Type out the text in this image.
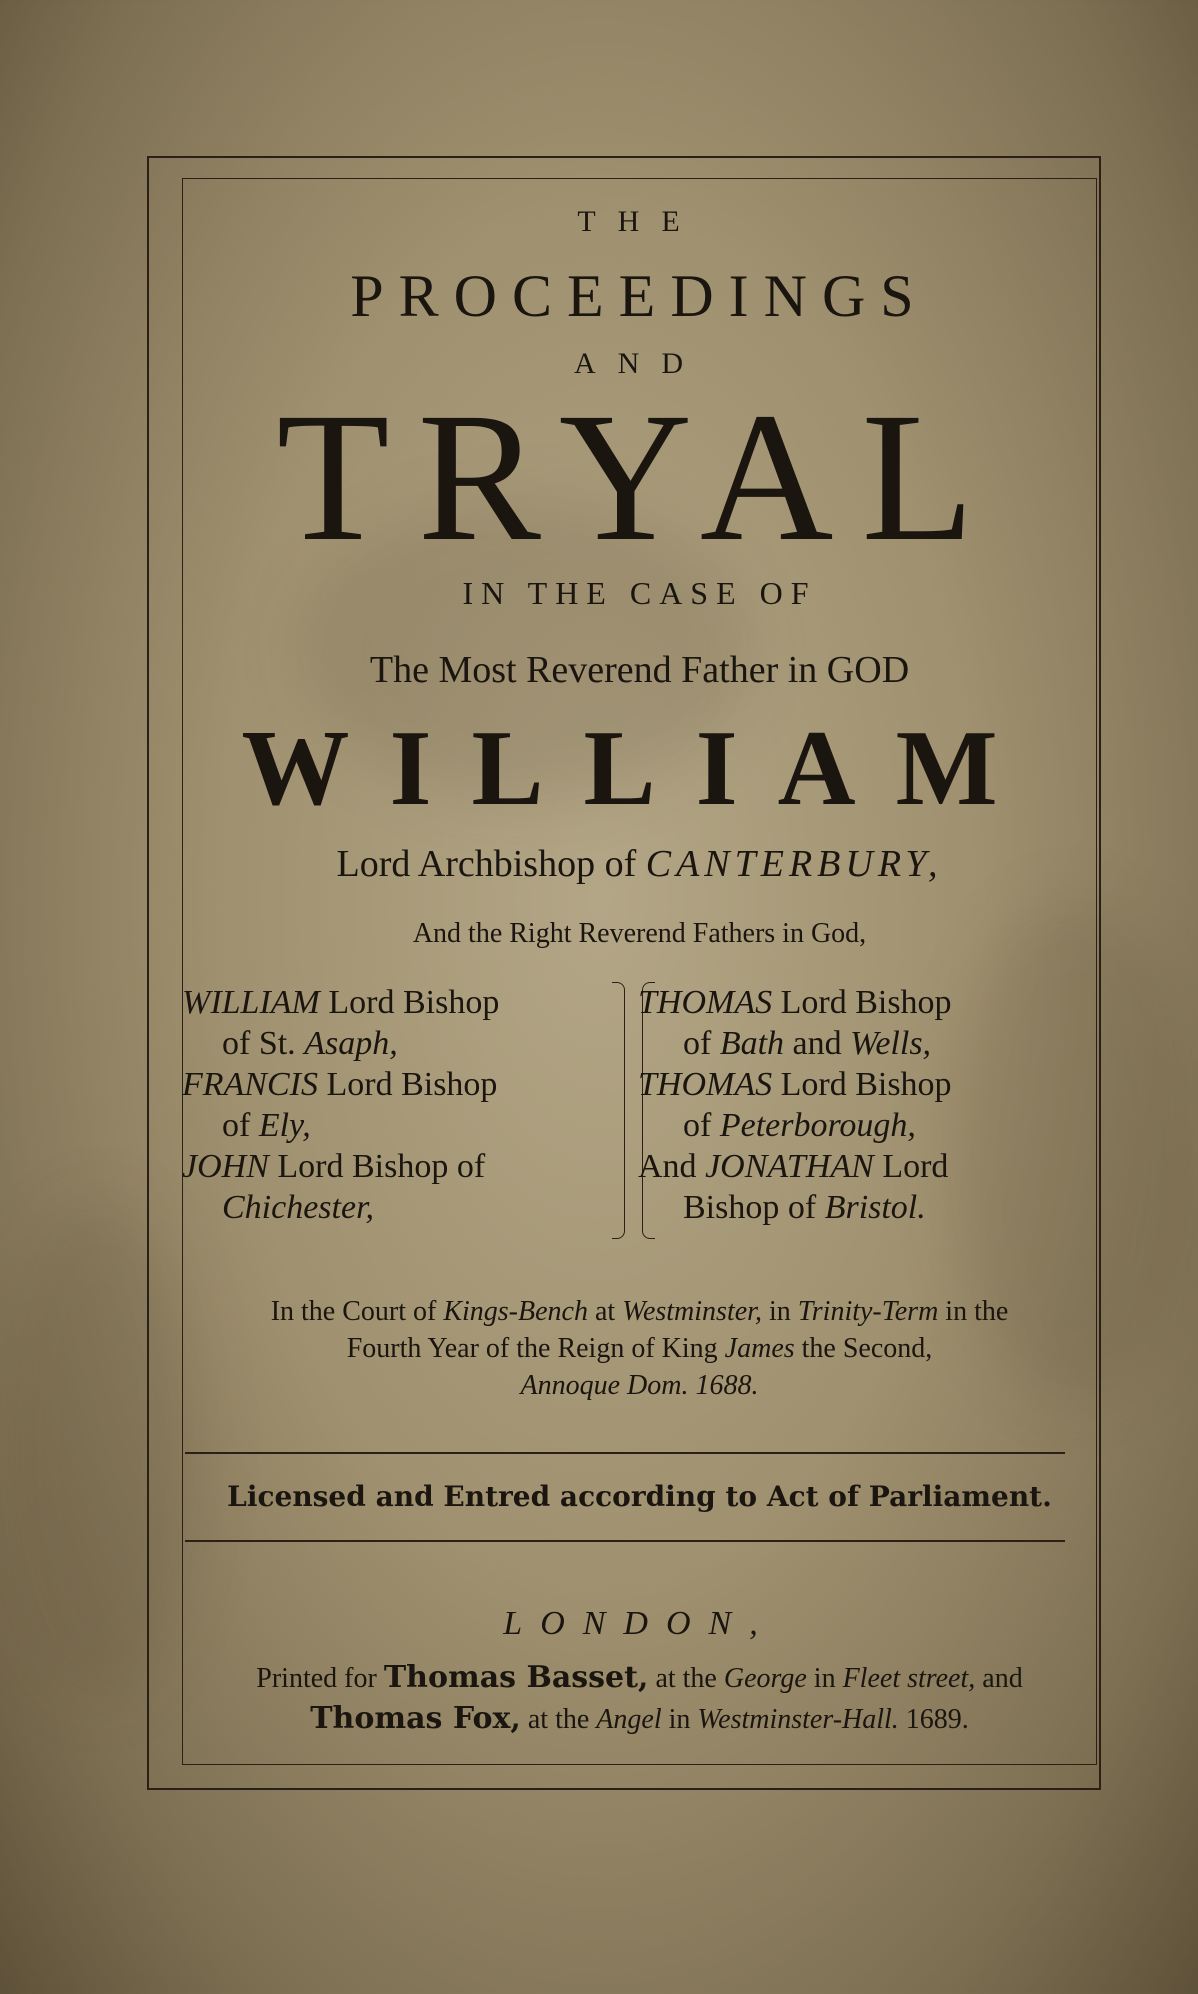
THE
PROCEEDINGS
AND
TRYAL
IN THE CASE OF
The Most Reverend Father in GOD
WILLIAM
Lord Archbishop of CANTERBURY,
And the Right Reverend Fathers in God,
WILLIAM Lord Bishop
of St. Asaph,
FRANCIS Lord Bishop
of Ely,
JOHN Lord Bishop of
Chichester,
THOMAS Lord Bishop
of Bath and Wells,
THOMAS Lord Bishop
of Peterborough,
And JONATHAN Lord
Bishop of Bristol.
In the Court of Kings-Bench at Westminster, in Trinity-Term in the
Fourth Year of the Reign of King James the Second,
Annoque Dom. 1688.
Licensed and Entred according to Act of Parliament.
LONDON,
Printed for Thomas Basset, at the George in Fleet street, and
Thomas Fox, at the Angel in Westminster-Hall. 1689.
